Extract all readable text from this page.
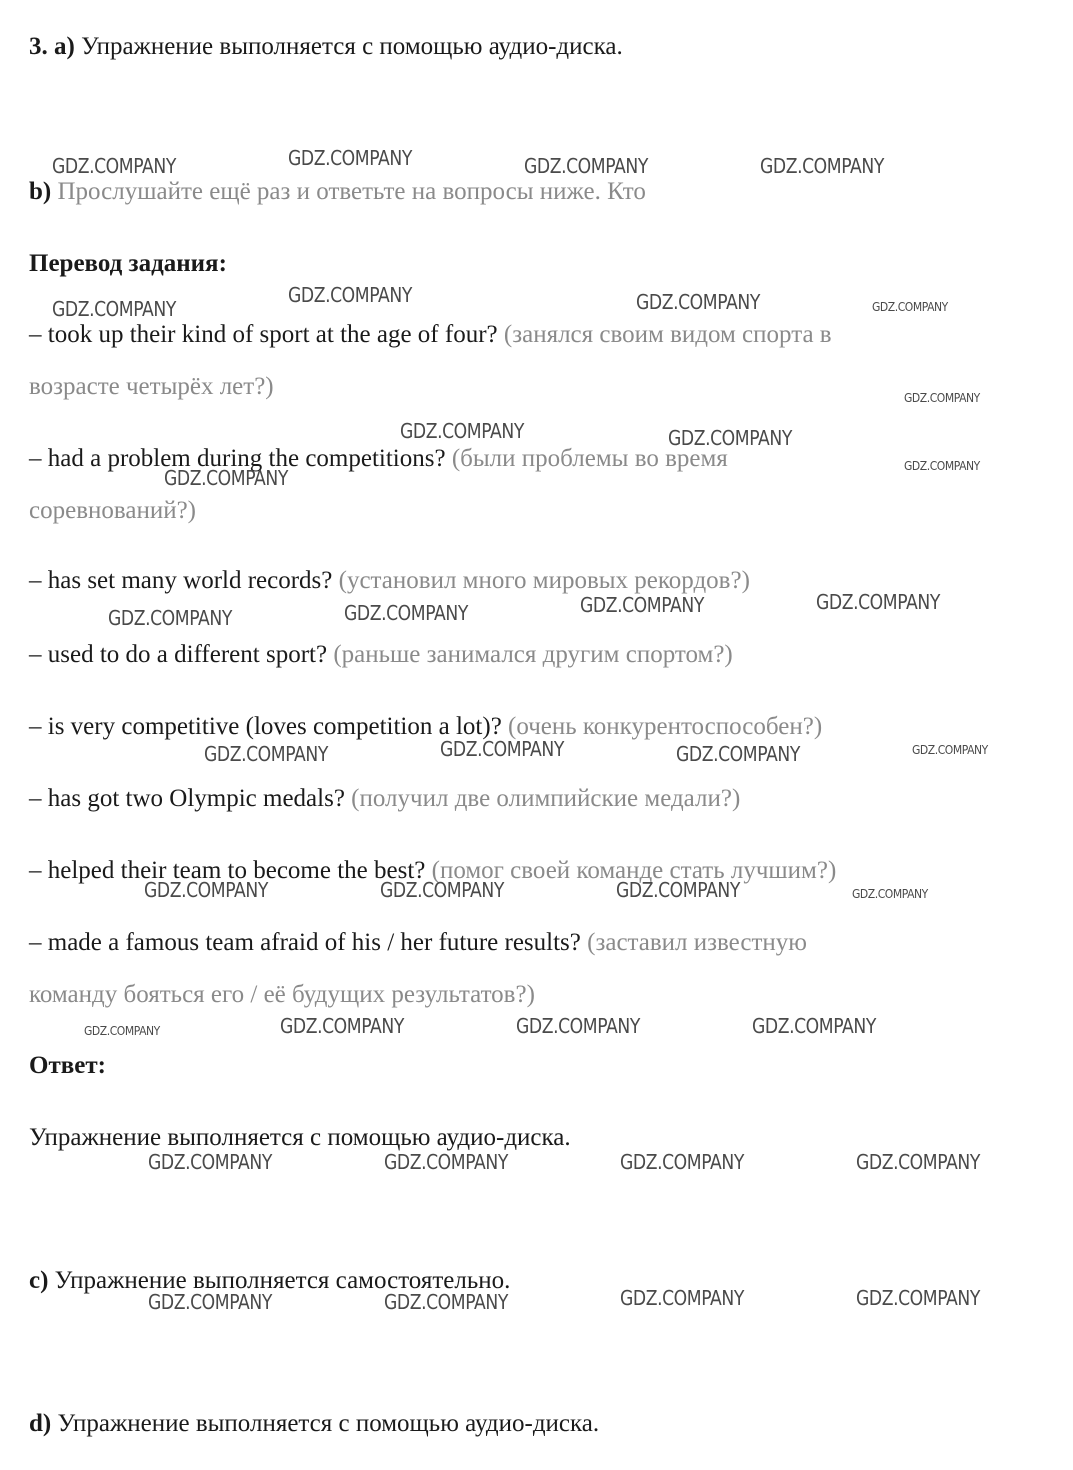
3. a) Упражнение выполняется с помощью аудио-диска.
b) Прослушайте ещё раз и ответьте на вопросы ниже. Кто
Перевод задания:
– took up their kind of sport at the age of four? (занялся своим видом спорта в
возрасте четырёх лет?)
– had a problem during the competitions? (были проблемы во время
соревнований?)
– has set many world records? (установил много мировых рекордов?)
– used to do a different sport? (раньше занимался другим спортом?)
– is very competitive (loves competition a lot)? (очень конкурентоспособен?)
– has got two Olympic medals? (получил две олимпийские медали?)
– helped their team to become the best? (помог своей команде стать лучшим?)
– made a famous team afraid of his / her future results? (заставил известную
команду бояться его / её будущих результатов?)
Ответ:
Упражнение выполняется с помощью аудио-диска.
c) Упражнение выполняется самостоятельно.
d) Упражнение выполняется с помощью аудио-диска.
GDZ.COMPANY	GDZ.COMPANY	GDZ.COMPANY	GDZ.COMPANY
GDZ.COMPANY
GDZ.COMPANY	GDZ.COMPANY	GDZ.COMPANY
GDZ.COMPANY
GDZ.COMPANY	GDZ.COMPANY
GDZ.COMPANY	GDZ.COMPANY
GDZ.COMPANY	GDZ.COMPANY	GDZ.COMPANY	GDZ.COMPANY
GDZ.COMPANY	GDZ.COMPANY	GDZ.COMPANY	GDZ.COMPANY
GDZ.COMPANY	GDZ.COMPANY	GDZ.COMPANY	GDZ.COMPANY
GDZ.COMPANY	GDZ.COMPANY	GDZ.COMPANY	GDZ.COMPANY
GDZ.COMPANY	GDZ.COMPANY	GDZ.COMPANY	GDZ.COMPANY
GDZ.COMPANY	GDZ.COMPANY	GDZ.COMPANY	GDZ.COMPANY
